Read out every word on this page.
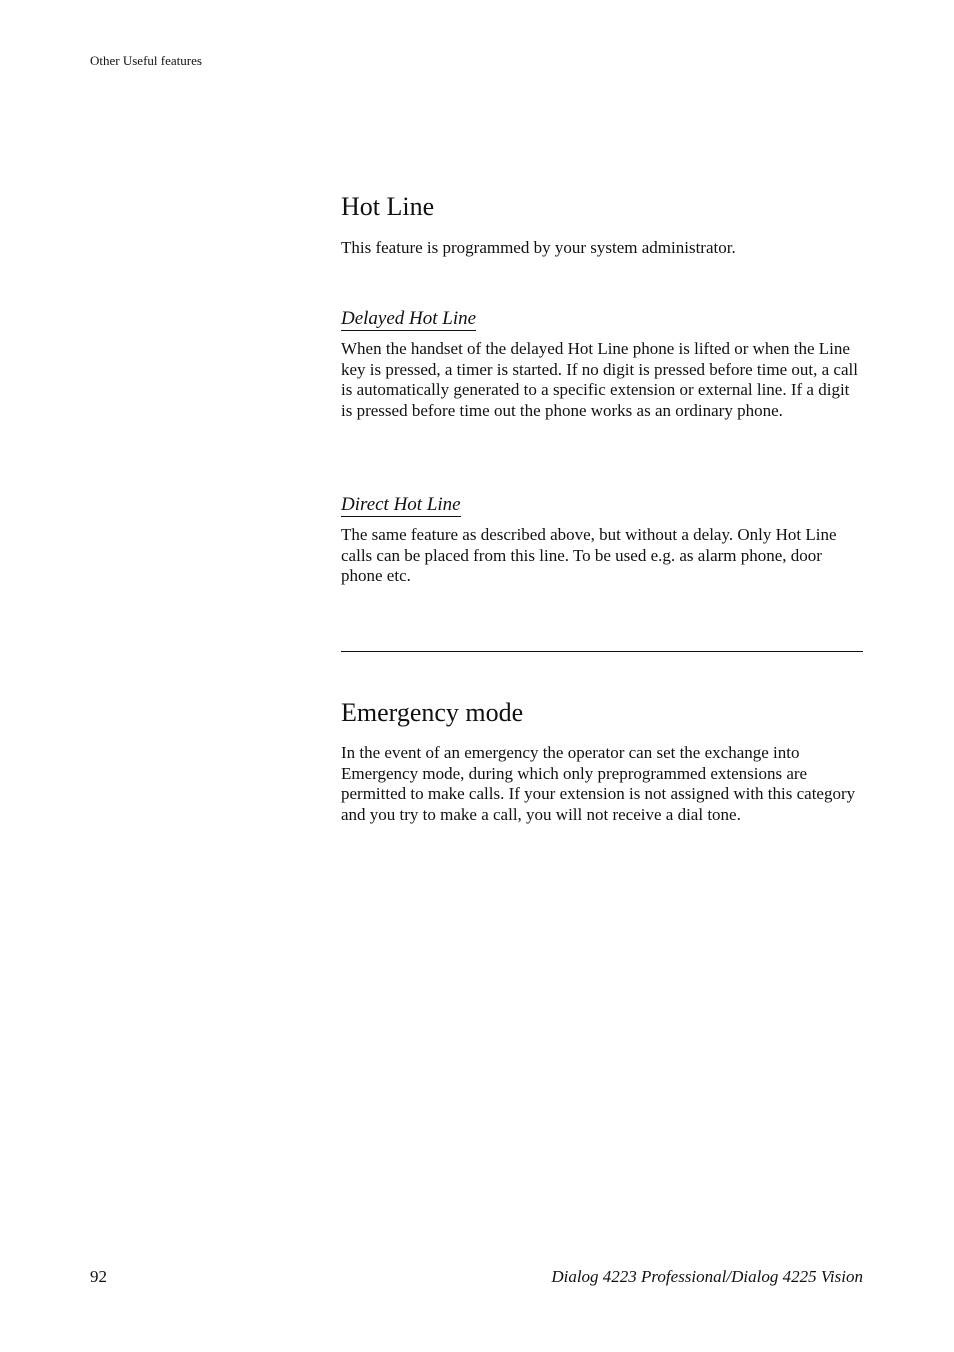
Other Useful features
Hot Line

This feature is programmed by your system administrator.

Delayed Hot Line

When the handset of the delayed Hot Line phone is lifted or when the Line key is pressed, a timer is started. If no digit is pressed before time out, a call is automatically generated to a specific extension or external line. If a digit is pressed before time out the phone works as an ordinary phone.

Direct Hot Line

The same feature as described above, but without a delay. Only Hot Line calls can be placed from this line. To be used e.g. as alarm phone, door phone etc.

Emergency mode

In the event of an emergency the operator can set the exchange into Emergency mode, during which only preprogrammed extensions are permitted to make calls. If your extension is not assigned with this category and you try to make a call, you will not receive a dial tone.

92	Dialog 4223 Professional/Dialog 4225 Vision
